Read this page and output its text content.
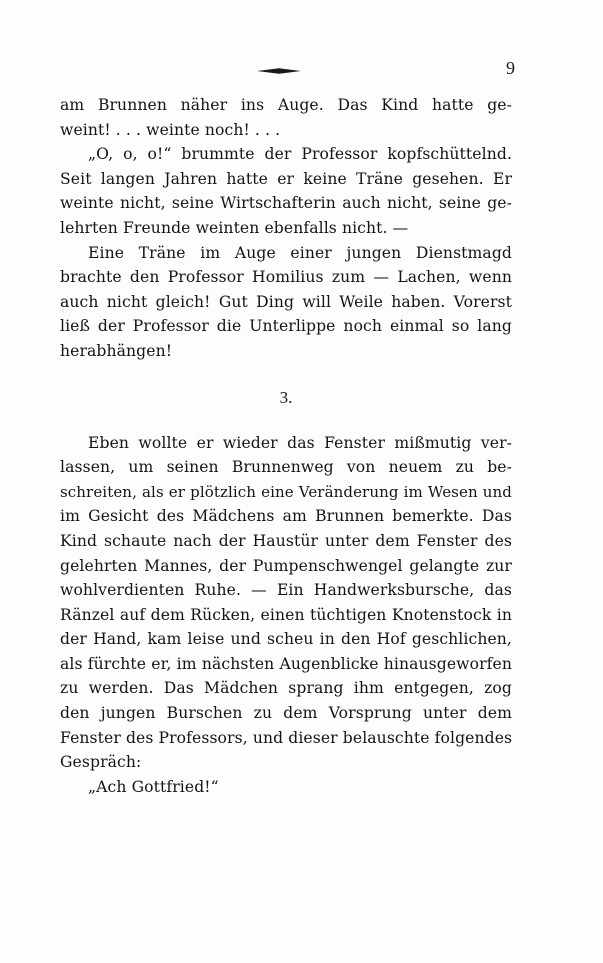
9
am Brunnen näher ins Auge. Das Kind hatte ge-
weint! . . . weinte noch! . . .
„O, o, o!“ brummte der Professor kopfschüttelnd.
Seit langen Jahren hatte er keine Träne gesehen. Er
weinte nicht, seine Wirtschafterin auch nicht, seine ge-
lehrten Freunde weinten ebenfalls nicht. —
Eine Träne im Auge einer jungen Dienstmagd
brachte den Professor Homilius zum — Lachen, wenn
auch nicht gleich! Gut Ding will Weile haben. Vorerst
ließ der Professor die Unterlippe noch einmal so lang
herabhängen!
3.
Eben wollte er wieder das Fenster mißmutig ver-
lassen, um seinen Brunnenweg von neuem zu be-
schreiten, als er plötzlich eine Veränderung im Wesen und
im Gesicht des Mädchens am Brunnen bemerkte. Das
Kind schaute nach der Haustür unter dem Fenster des
gelehrten Mannes, der Pumpenschwengel gelangte zur
wohlverdienten Ruhe. — Ein Handwerksbursche, das
Ränzel auf dem Rücken, einen tüchtigen Knotenstock in
der Hand, kam leise und scheu in den Hof geschlichen,
als fürchte er, im nächsten Augenblicke hinausgeworfen
zu werden. Das Mädchen sprang ihm entgegen, zog
den jungen Burschen zu dem Vorsprung unter dem
Fenster des Professors, und dieser belauschte folgendes
Gespräch:
„Ach Gottfried!“
